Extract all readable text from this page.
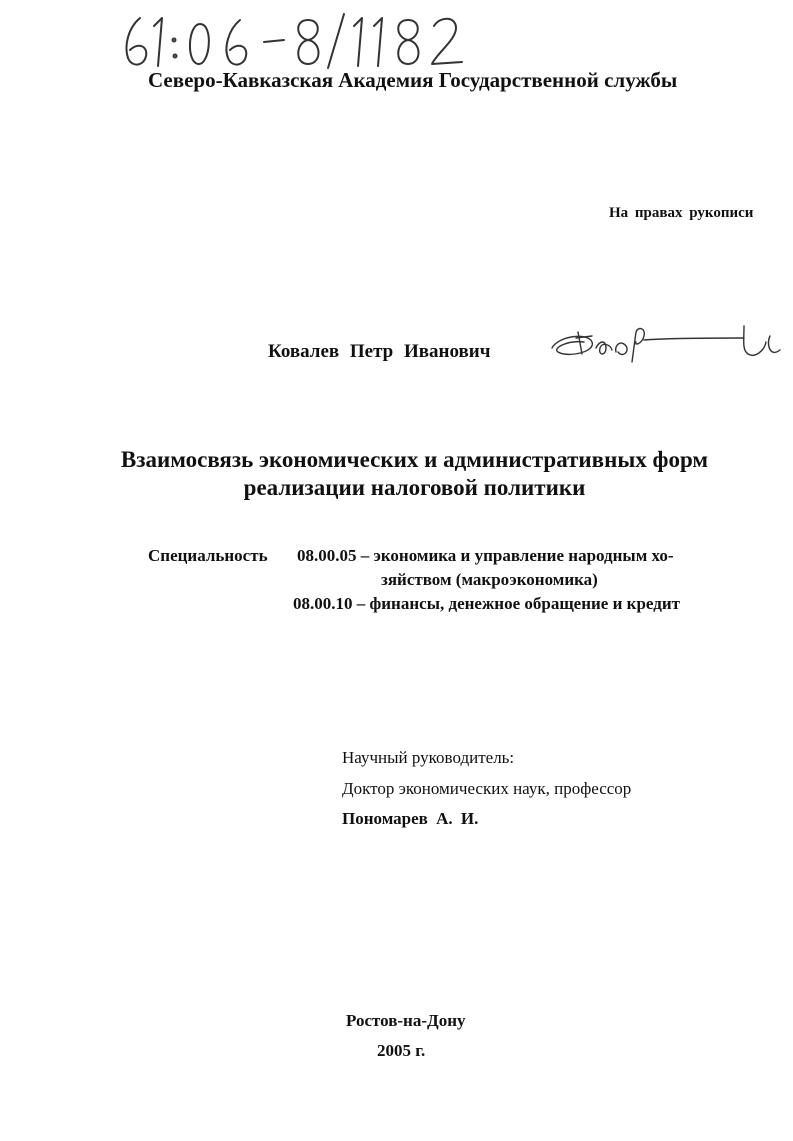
Северо-Кавказская Академия Государственной службы
На правах рукописи
Ковалев Петр Иванович
Взаимосвязь экономических и административных форм
реализации налоговой политики
Специальность 08.00.05 – экономика и управление народным хо-
зяйством (макроэкономика)
08.00.10 – финансы, денежное обращение и кредит
Научный руководитель:
Доктор экономических наук, профессор
Пономарев А. И.
Ростов-на-Дону
2005 г.
